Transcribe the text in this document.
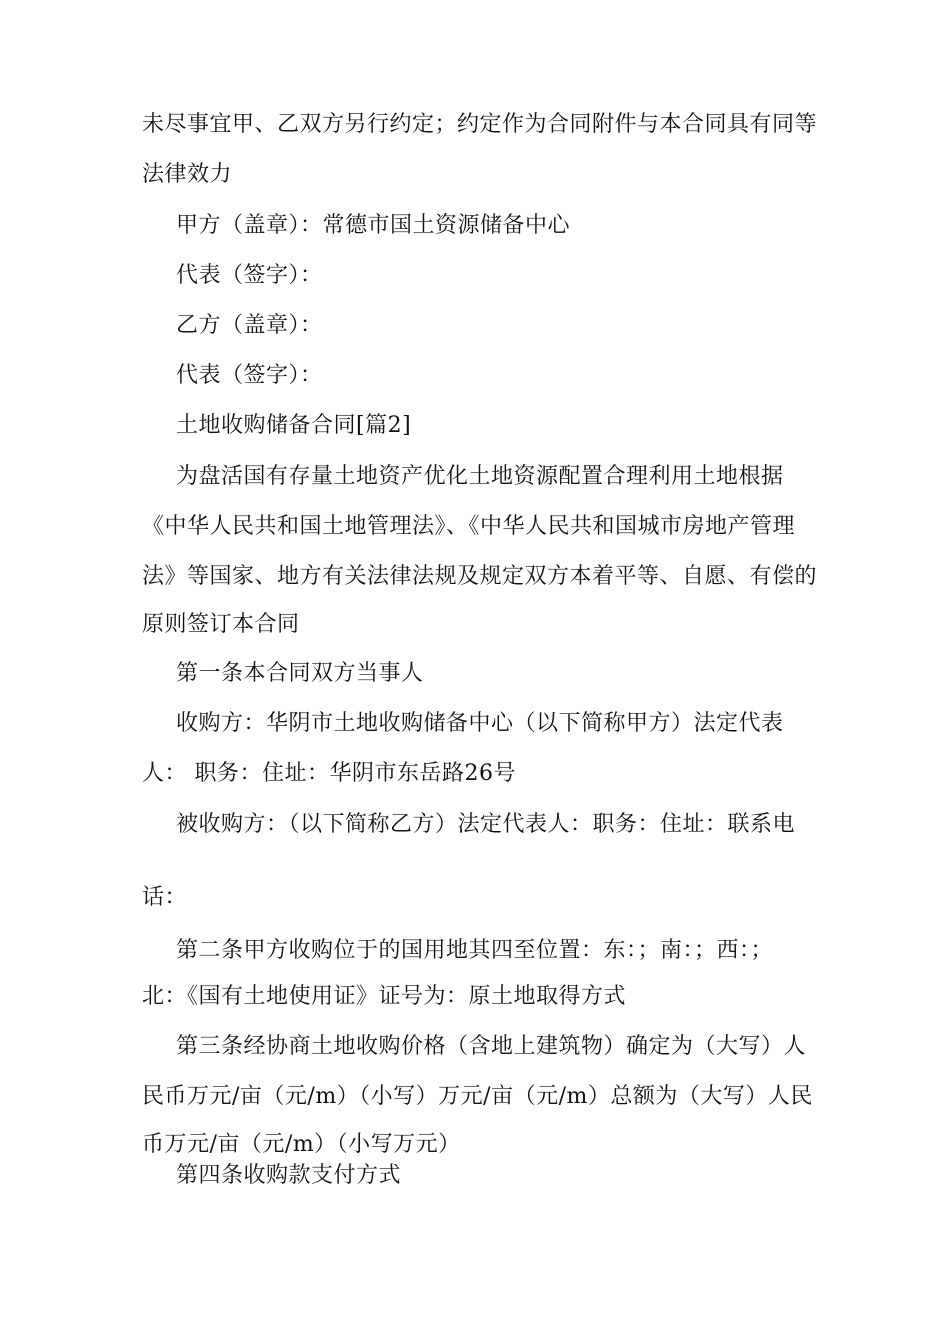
未尽事宜甲、乙双方另行约定；约定作为合同附件与本合同具有同等
法律效力
甲方（盖章）：常德市国土资源储备中心
代表（签字）：
乙方（盖章）：
代表（签字）：
土地收购储备合同[篇2]
为盘活国有存量土地资产优化土地资源配置合理利用土地根据
《中华人民共和国土地管理法》、《中华人民共和国城市房地产管理
法》等国家、地方有关法律法规及规定双方本着平等、自愿、有偿的
原则签订本合同
第一条本合同双方当事人
收购方：华阴市土地收购储备中心（以下简称甲方）法定代表
人： 职务：住址：华阴市东岳路26号
被收购方：（以下简称乙方）法定代表人：职务：住址：联系电
话：
第二条甲方收购位于的国用地其四至位置：东：；南：；西：；
北：《国有土地使用证》证号为：原土地取得方式
第三条经协商土地收购价格（含地上建筑物）确定为（大写）人
民币万元/亩（元/m）（小写）万元/亩（元/m）总额为（大写）人民
币万元/亩（元/m）（小写万元）
第四条收购款支付方式
